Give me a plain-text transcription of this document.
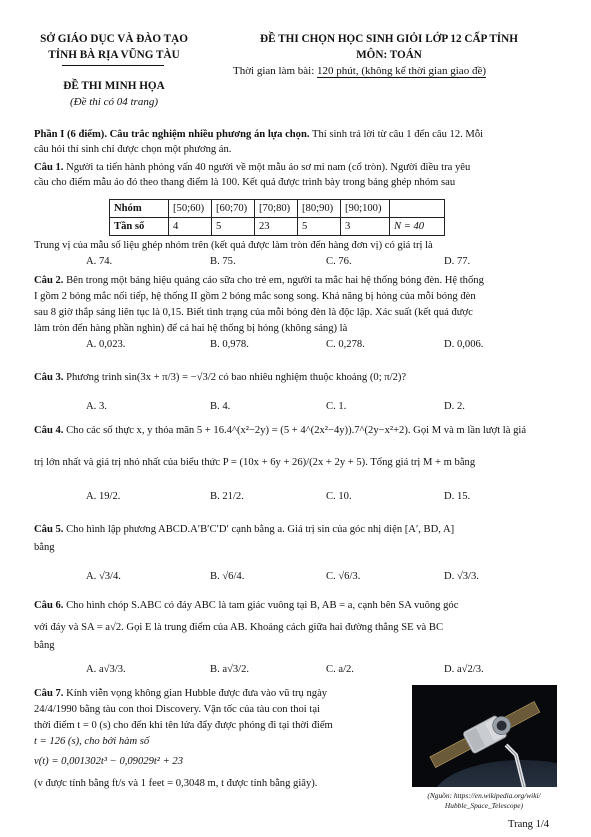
SỞ GIÁO DỤC VÀ ĐÀO TẠO
TỈNH BÀ RỊA VŨNG TÀU
ĐỀ THI CHỌN HỌC SINH GIỎI LỚP 12 CẤP TỈNH
MÔN: TOÁN
Thời gian làm bài: 120 phút, (không kể thời gian giao đề)
ĐỀ THI MINH HỌA
(Đề thi có 04 trang)
Phần I (6 điểm). Câu trắc nghiệm nhiều phương án lựa chọn. Thí sinh trả lời từ câu 1 đến câu 12. Mỗi
câu hỏi thí sinh chỉ được chọn một phương án.
Câu 1. Người ta tiến hành phỏng vấn 40 người về một mẫu áo sơ mi nam (cổ tròn). Người điều tra yêu
cầu cho điểm mẫu áo đó theo thang điểm là 100. Kết quả được trình bày trong bảng ghép nhóm sau
Nhóm	[50;60)	[60;70)	[70;80)	[80;90)	[90;100)	
Tần số	4	5	23	5	3	N = 40
Trung vị của mẫu số liệu ghép nhóm trên (kết quả được làm tròn đến hàng đơn vị) có giá trị là
A. 74.	B. 75.	C. 76.	D. 77.
Câu 2. Bên trong một bảng hiệu quảng cáo sữa cho trẻ em, người ta mắc hai hệ thống bóng đèn. Hệ thống
I gồm 2 bóng mắc nối tiếp, hệ thống II gồm 2 bóng mắc song song. Khả năng bị hỏng của mỗi bóng đèn
sau 8 giờ thắp sáng liên tục là 0,15. Biết tình trạng của mỗi bóng đèn là độc lập. Xác suất (kết quả được
làm tròn đến hàng phần nghìn) để cả hai hệ thống bị hỏng (không sáng) là
A. 0,023.	B. 0,978.	C. 0,278.	D. 0,006.
Câu 3. Phương trình sin(3x + π/3) = −√3/2 có bao nhiêu nghiệm thuộc khoảng (0; π/2)?
A. 3.	B. 4.	C. 1.	D. 2.
Câu 4. Cho các số thực x, y thỏa mãn 5 + 16.4^(x²−2y) = (5 + 4^(2x²−4y)).7^(2y−x²+2). Gọi M và m lần lượt là giá
trị lớn nhất và giá trị nhỏ nhất của biểu thức P = (10x + 6y + 26)/(2x + 2y + 5). Tổng giá trị M + m bằng
A. 19/2.	B. 21/2.	C. 10.	D. 15.
Câu 5. Cho hình lập phương ABCD.A′B′C′D′ cạnh bằng a. Giá trị sin của góc nhị diện [A′, BD, A]
bằng
A. √3/4.	B. √6/4.	C. √6/3.	D. √3/3.
Câu 6. Cho hình chóp S.ABC có đáy ABC là tam giác vuông tại B, AB = a, cạnh bên SA vuông góc
với đáy và SA = a√2. Gọi E là trung điểm của AB. Khoảng cách giữa hai đường thẳng SE và BC
bằng
A. a√3/3.	B. a√3/2.	C. a/2.	D. a√2/3.
Câu 7. Kính viễn vọng không gian Hubble được đưa vào vũ trụ ngày
24/4/1990 bằng tàu con thoi Discovery. Vận tốc của tàu con thoi tại
thời điểm t = 0 (s) cho đến khi tên lửa đẩy được phóng đi tại thời điểm
t = 126 (s), cho bởi hàm số
v(t) = 0,001302t³ − 0,09029t² + 23
(v được tính bằng ft/s và 1 feet = 0,3048 m, t được tính bằng giây).
(Nguồn: https://en.wikipedia.org/wiki/
Hubble_Space_Telescope)
Trang 1/4
